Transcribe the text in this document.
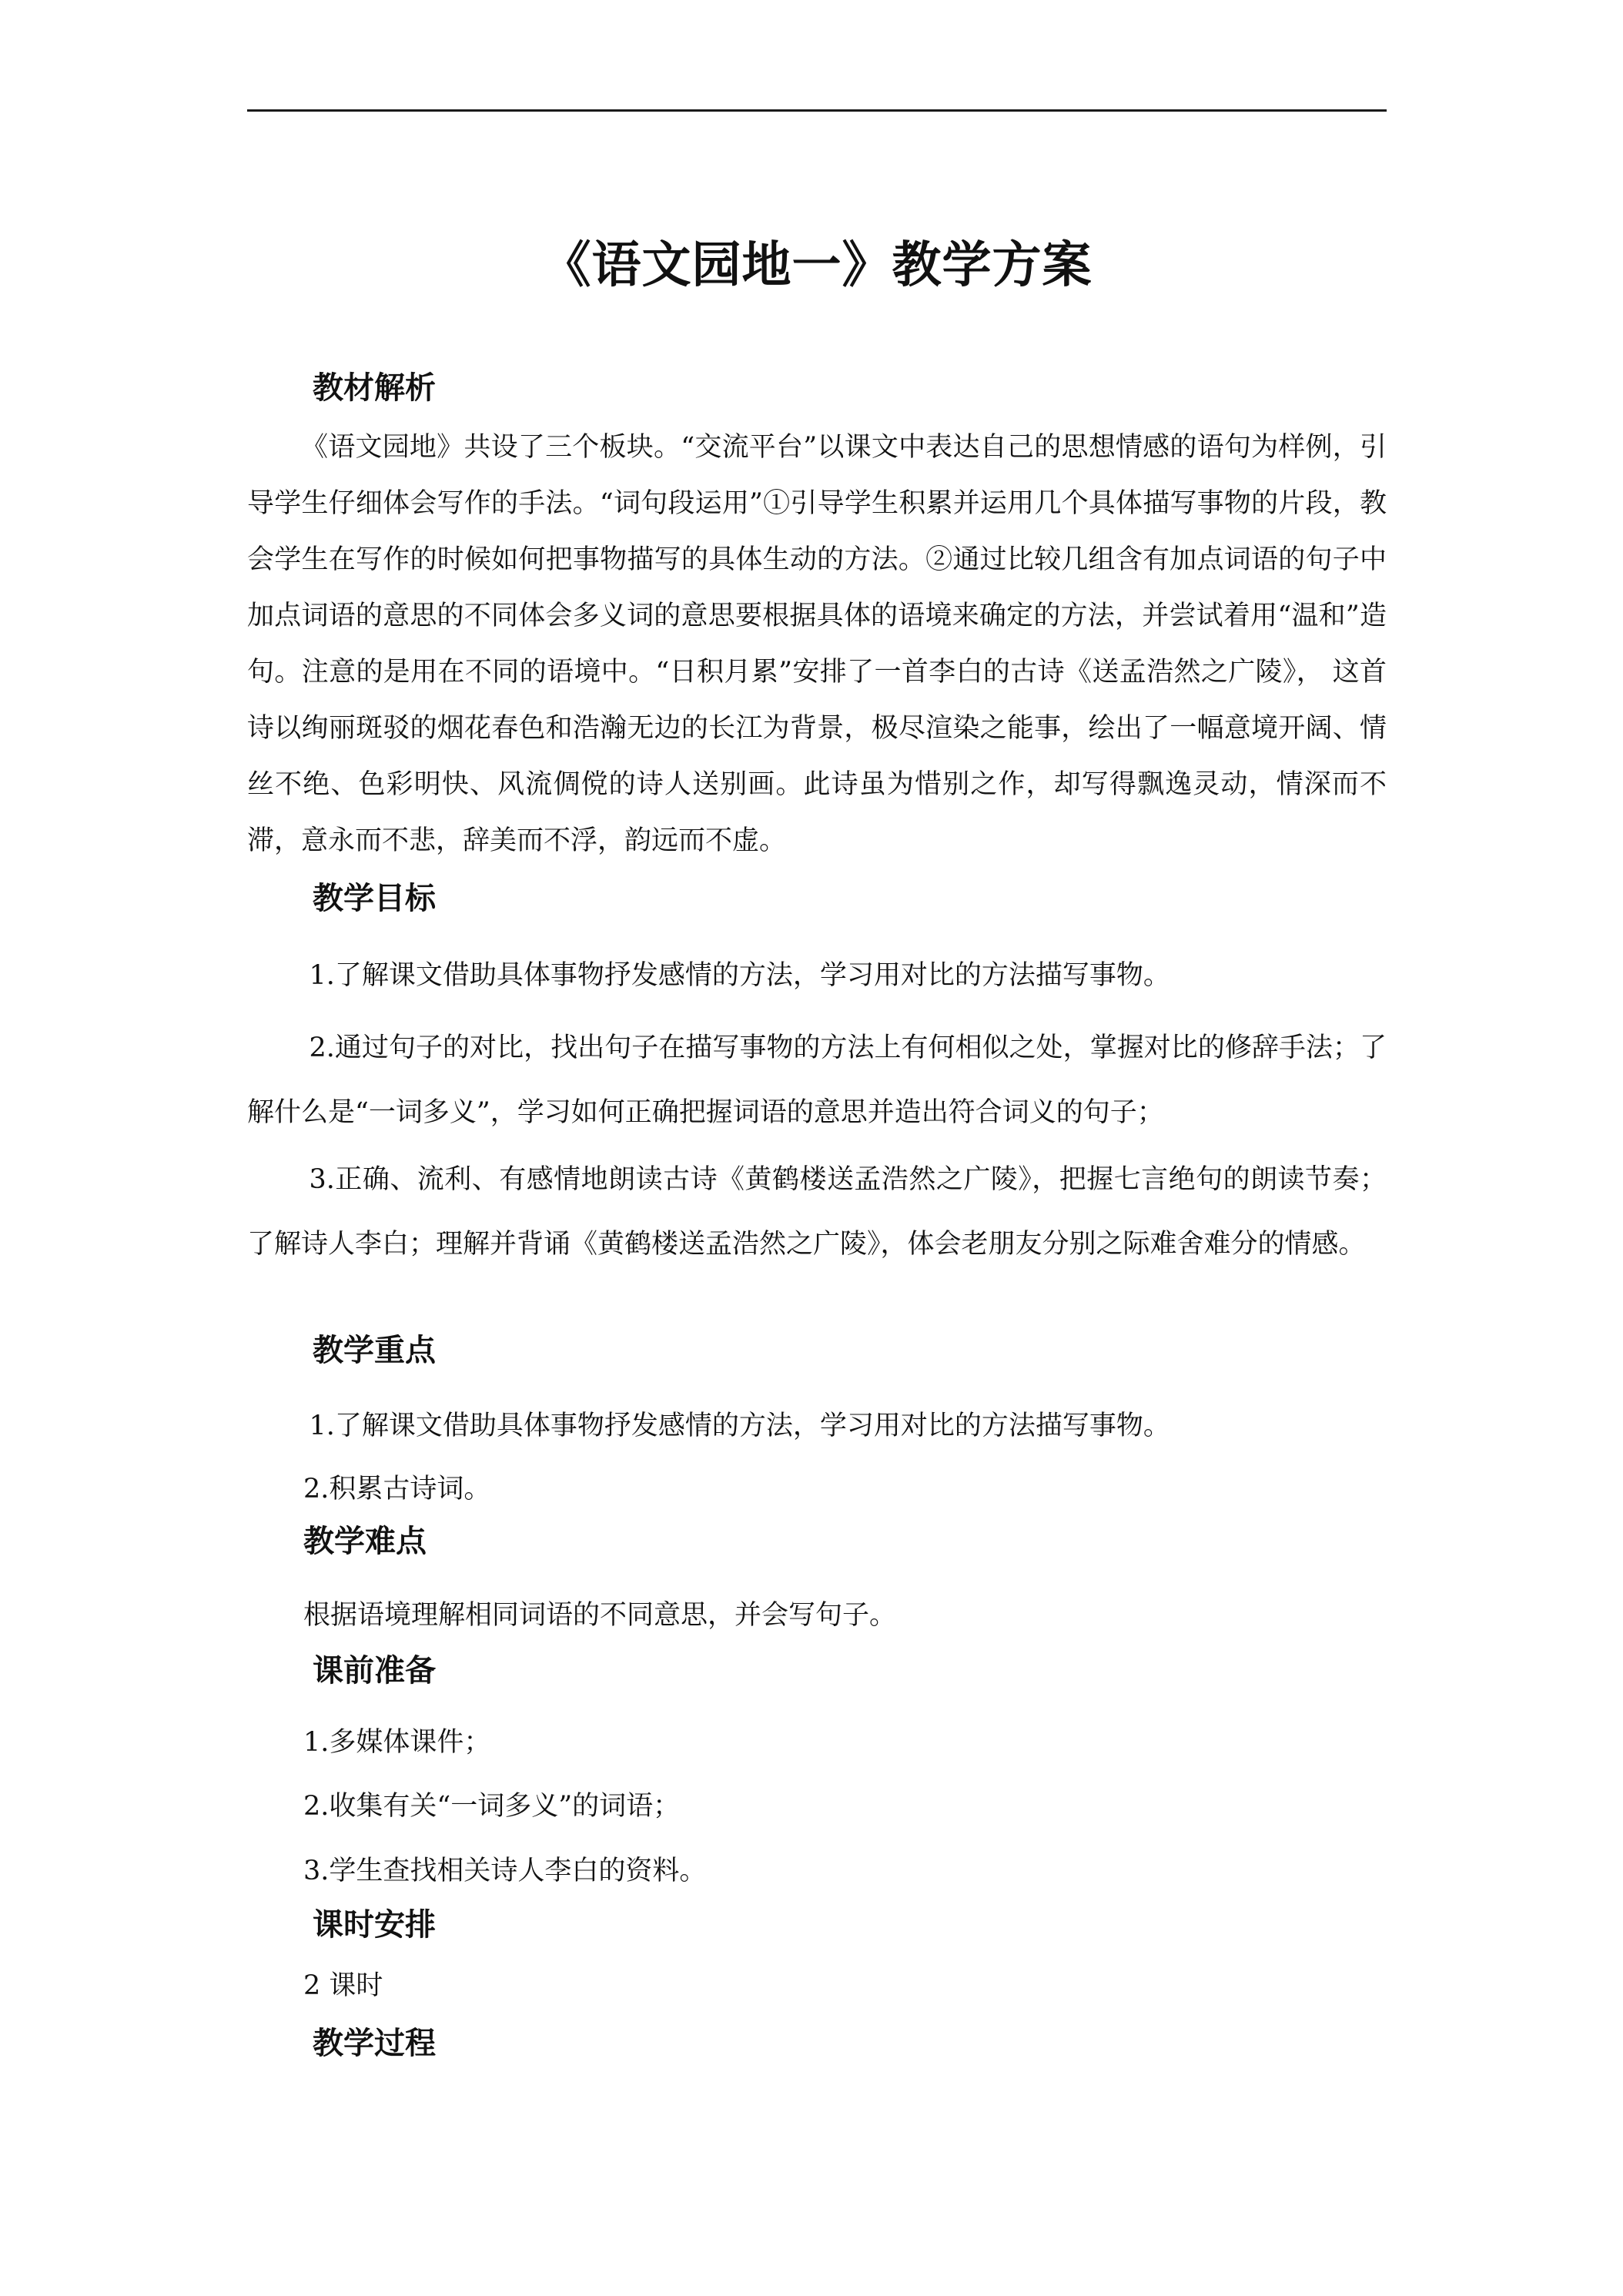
《语文园地一》教学方案
教材解析

《语文园地》共设了三个板块。“交流平台”以课文中表达自己的思想情感的语句为样例，引导学生仔细体会写作的手法。“词句段运用”①引导学生积累并运用几个具体描写事物的片段，教会学生在写作的时候如何把事物描写的具体生动的方法。②通过比较几组含有加点词语的句子中加点词语的意思的不同体会多义词的意思要根据具体的语境来确定的方法，并尝试着用“温和”造句。注意的是用在不同的语境中。“日积月累”安排了一首李白的古诗《送孟浩然之广陵》， 这首诗以绚丽斑驳的烟花春色和浩瀚无边的长江为背景，极尽渲染之能事，绘出了一幅意境开阔、情丝不绝、色彩明快、风流倜傥的诗人送别画。此诗虽为惜别之作，却写得飘逸灵动，情深而不滞，意永而不悲，辞美而不浮，韵远而不虚。

教学目标

1.了解课文借助具体事物抒发感情的方法，学习用对比的方法描写事物。

2.通过句子的对比，找出句子在描写事物的方法上有何相似之处，掌握对比的修辞手法；了解什么是“一词多义”，学习如何正确把握词语的意思并造出符合词义的句子；

3.正确、流利、有感情地朗读古诗《黄鹤楼送孟浩然之广陵》，把握七言绝句的朗读节奏；了解诗人李白；理解并背诵《黄鹤楼送孟浩然之广陵》，体会老朋友分别之际难舍难分的情感。

教学重点

1.了解课文借助具体事物抒发感情的方法，学习用对比的方法描写事物。

2.积累古诗词。

教学难点

根据语境理解相同词语的不同意思，并会写句子。

课前准备

1.多媒体课件；

2.收集有关“一词多义”的词语；

3.学生查找相关诗人李白的资料。

课时安排

2 课时

教学过程
